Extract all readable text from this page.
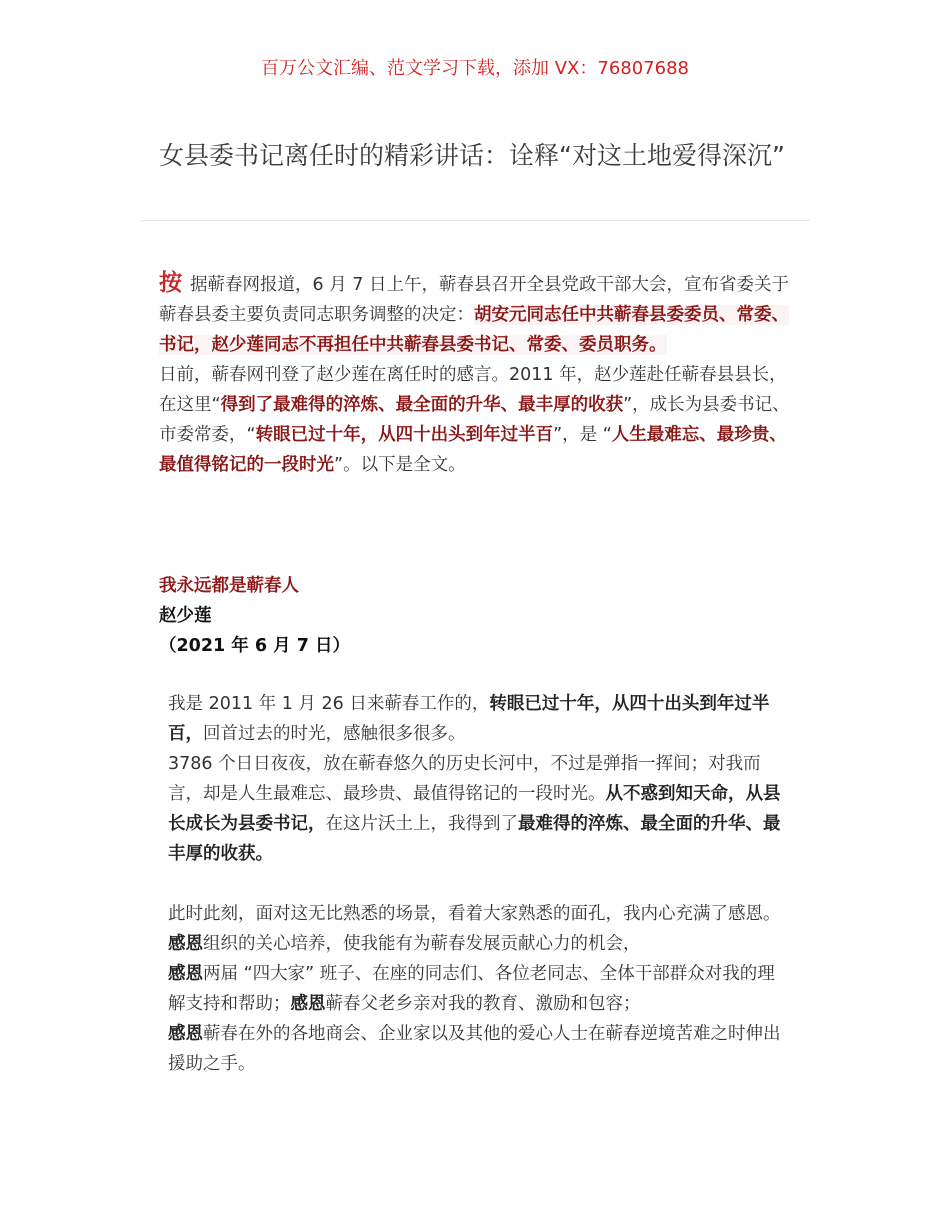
百万公文汇编、范文学习下载，添加 VX：76807688
女县委书记离任时的精彩讲话：诠释“对这土地爱得深沉”

按 据蕲春网报道，6 月 7 日上午，蕲春县召开全县党政干部大会，宣布省委关于蕲春县委主要负责同志职务调整的决定：胡安元同志任中共蕲春县委委员、常委、书记，赵少莲同志不再担任中共蕲春县委书记、常委、委员职务。

日前，蕲春网刊登了赵少莲在离任时的感言。2011 年，赵少莲赴任蕲春县县长，在这里“得到了最难得的淬炼、最全面的升华、最丰厚的收获”，成长为县委书记、市委常委，“转眼已过十年，从四十出头到年过半百”，是 “人生最难忘、最珍贵、最值得铭记的一段时光”。以下是全文。

我永远都是蕲春人
赵少莲
（2021 年 6 月 7 日）

我是 2011 年 1 月 26 日来蕲春工作的，转眼已过十年，从四十出头到年过半百，回首过去的时光，感触很多很多。

3786 个日日夜夜，放在蕲春悠久的历史长河中，不过是弹指一挥间；对我而言，却是人生最难忘、最珍贵、最值得铭记的一段时光。从不惑到知天命，从县长成长为县委书记，在这片沃土上，我得到了最难得的淬炼、最全面的升华、最丰厚的收获。

此时此刻，面对这无比熟悉的场景，看着大家熟悉的面孔，我内心充满了感恩。感恩组织的关心培养，使我能有为蕲春发展贡献心力的机会，
感恩两届 “四大家” 班子、在座的同志们、各位老同志、全体干部群众对我的理解支持和帮助；感恩蕲春父老乡亲对我的教育、激励和包容；
感恩蕲春在外的各地商会、企业家以及其他的爱心人士在蕲春逆境苦难之时伸出援助之手。
